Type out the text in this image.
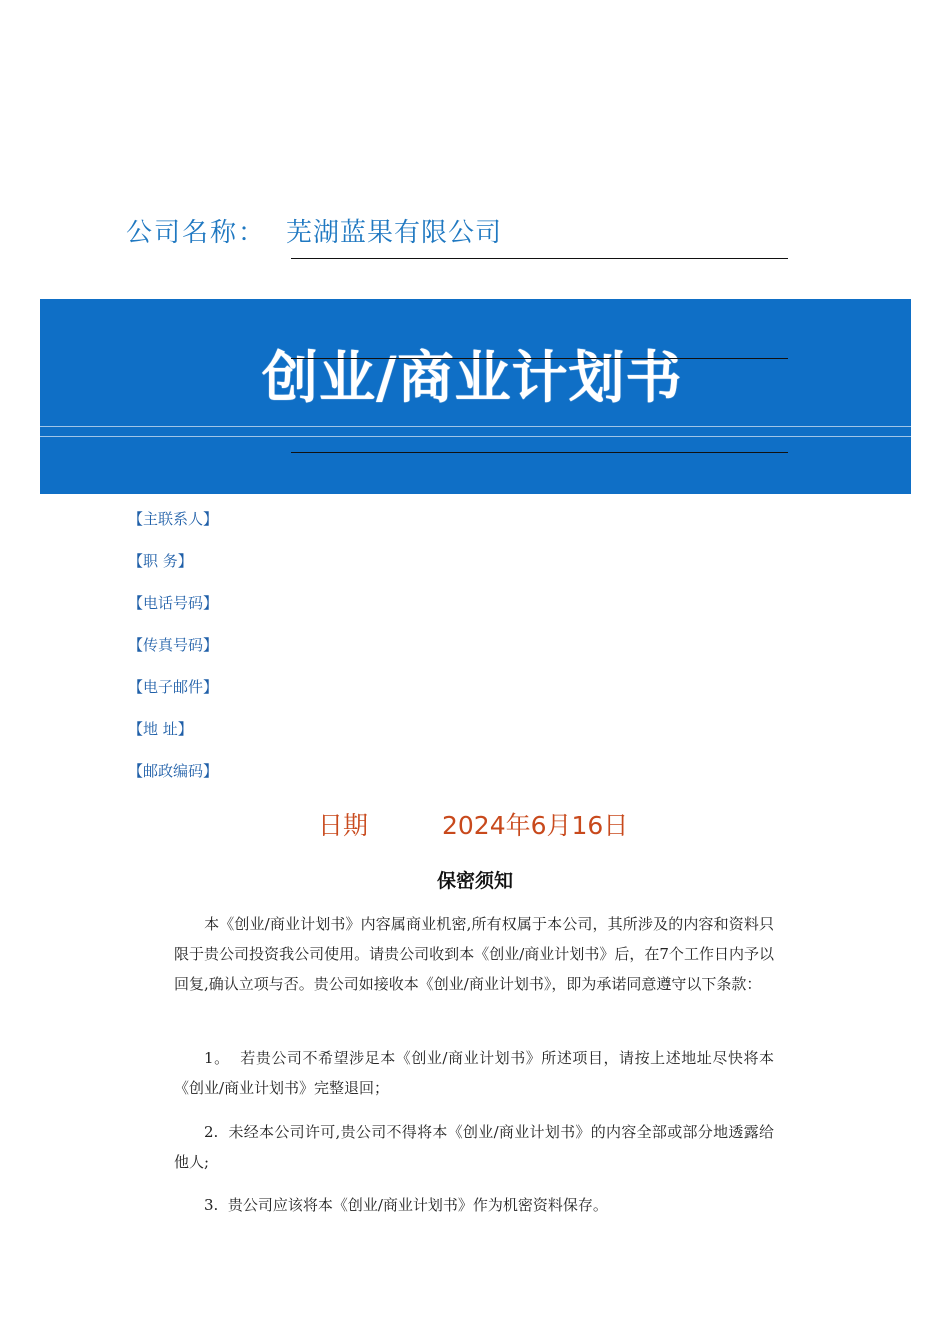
公司名称： 芜湖蓝果有限公司
创业/商业计划书
【主联系人】
【职 务】
【电话号码】
【传真号码】
【电子邮件】
【地 址】
【邮政编码】
日期	2024年6月16日
保密须知
本《创业/商业计划书》内容属商业机密,所有权属于本公司，其所涉及的内容和资料只限于贵公司投资我公司使用。请贵公司收到本《创业/商业计划书》后，在7个工作日内予以回复,确认立项与否。贵公司如接收本《创业/商业计划书》，即为承诺同意遵守以下条款：
1。 若贵公司不希望涉足本《创业/商业计划书》所述项目，请按上述地址尽快将本《创业/商业计划书》完整退回；
2. 未经本公司许可,贵公司不得将本《创业/商业计划书》的内容全部或部分地透露给他人;
3. 贵公司应该将本《创业/商业计划书》作为机密资料保存。
